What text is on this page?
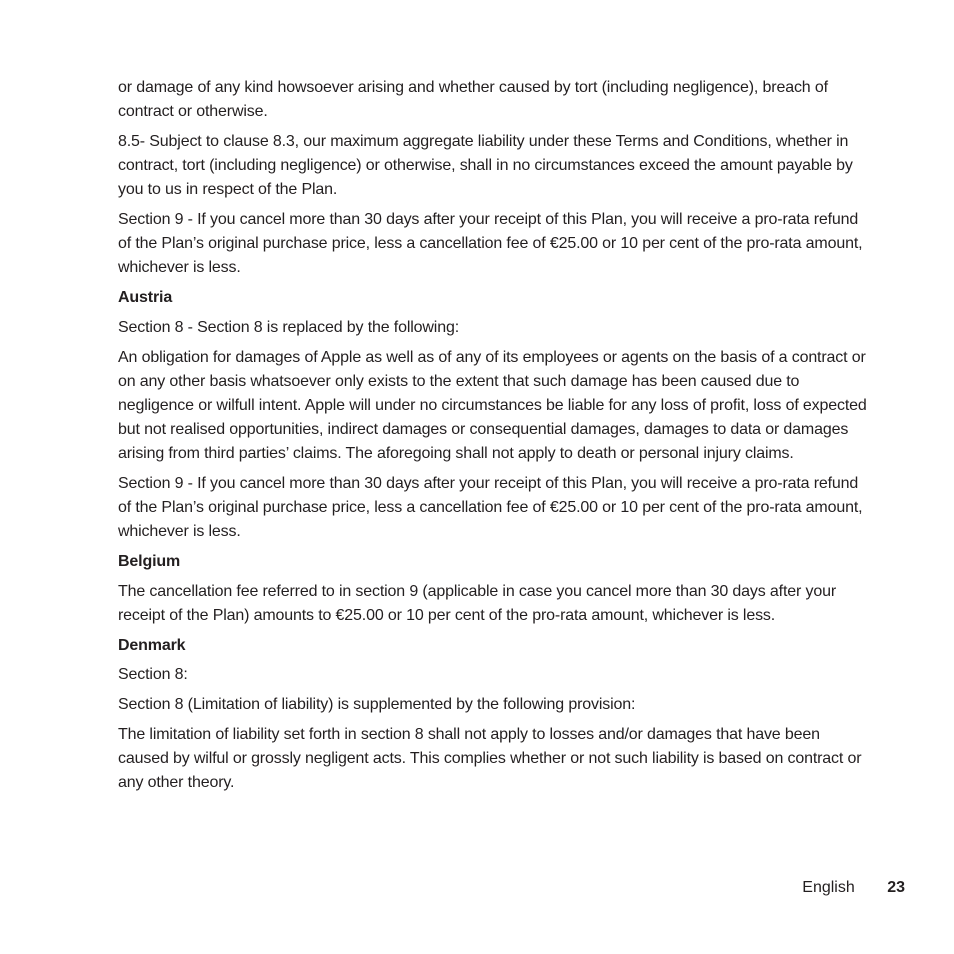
or damage of any kind howsoever arising and whether caused by tort (including negligence), breach of contract or otherwise.

8.5- Subject to clause 8.3, our maximum aggregate liability under these Terms and Conditions, whether in contract, tort (including negligence) or otherwise, shall in no circumstances exceed the amount payable by you to us in respect of the Plan.

Section 9 - If you cancel more than 30 days after your receipt of this Plan, you will receive a pro-rata refund of the Plan’s original purchase price, less a cancellation fee of €25.00 or 10 per cent of the pro-rata amount, whichever is less.

Austria

Section 8 - Section 8 is replaced by the following:

An obligation for damages of Apple as well as of any of its employees or agents on the basis of a contract or on any other basis whatsoever only exists to the extent that such damage has been caused due to negligence or wilfull intent. Apple will under no circumstances be liable for any loss of profit, loss of expected but not realised opportunities, indirect damages or consequential damages, damages to data or damages arising from third parties’ claims. The aforegoing shall not apply to death or personal injury claims.

Section 9 - If you cancel more than 30 days after your receipt of this Plan, you will receive a pro-rata refund of the Plan’s original purchase price, less a cancellation fee of €25.00 or 10 per cent of the pro-rata amount, whichever is less.

Belgium

The cancellation fee referred to in section 9 (applicable in case you cancel more than 30 days after your receipt of the Plan) amounts to €25.00 or 10 per cent of the pro-rata amount, whichever is less.

Denmark

Section 8:

Section 8 (Limitation of liability) is supplemented by the following provision:

The limitation of liability set forth in section 8 shall not apply to losses and/or damages that have been caused by wilful or grossly negligent acts. This complies whether or not such liability is based on contract or any other theory.

English 23
